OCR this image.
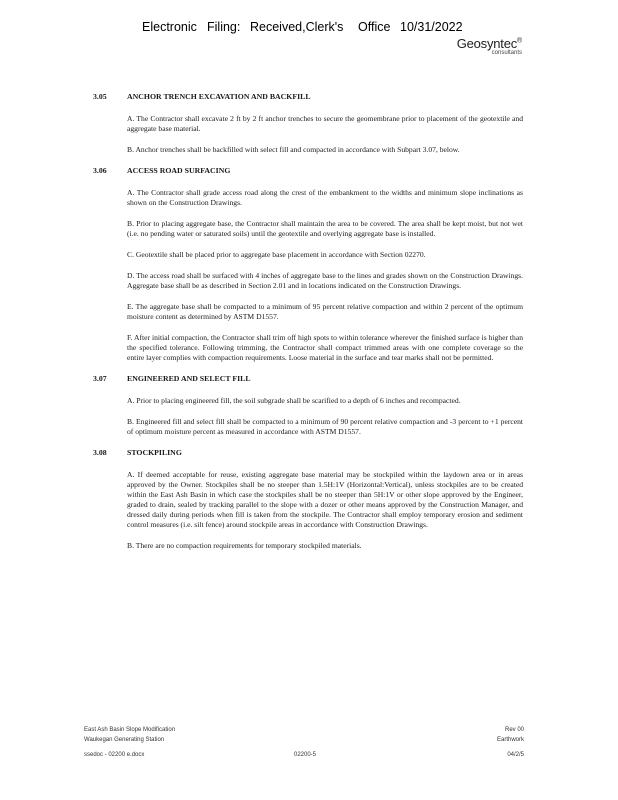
Electronic Filing: Received,Clerk's Office 10/31/2022
Geosyntec®
consultants
3.05	ANCHOR TRENCH EXCAVATION AND BACKFILL

A. The Contractor shall excavate 2 ft by 2 ft anchor trenches to secure the geomembrane prior to placement of the geotextile and aggregate base material.

B. Anchor trenches shall be backfilled with select fill and compacted in accordance with Subpart 3.07, below.

3.06	ACCESS ROAD SURFACING

A. The Contractor shall grade access road along the crest of the embankment to the widths and minimum slope inclinations as shown on the Construction Drawings.

B. Prior to placing aggregate base, the Contractor shall maintain the area to be covered. The area shall be kept moist, but not wet (i.e. no pending water or saturated soils) until the geotextile and overlying aggregate base is installed.

C. Geotextile shall be placed prior to aggregate base placement in accordance with Section 02270.

D. The access road shall be surfaced with 4 inches of aggregate base to the lines and grades shown on the Construction Drawings. Aggregate base shall be as described in Section 2.01 and in locations indicated on the Construction Drawings.

E. The aggregate base shall be compacted to a minimum of 95 percent relative compaction and within 2 percent of the optimum moisture content as determined by ASTM D1557.

F. After initial compaction, the Contractor shall trim off high spots to within tolerance wherever the finished surface is higher than the specified tolerance. Following trimming, the Contractor shall compact trimmed areas with one complete coverage so the entire layer complies with compaction requirements. Loose material in the surface and tear marks shall not be permitted.

3.07	ENGINEERED AND SELECT FILL

A. Prior to placing engineered fill, the soil subgrade shall be scarified to a depth of 6 inches and recompacted.

B. Engineered fill and select fill shall be compacted to a minimum of 90 percent relative compaction and -3 percent to +1 percent of optimum moisture percent as measured in accordance with ASTM D1557.

3.08	STOCKPILING

A. If deemed acceptable for reuse, existing aggregate base material may be stockpiled within the laydown area or in areas approved by the Owner. Stockpiles shall be no steeper than 1.5H:1V (Horizontal:Vertical), unless stockpiles are to be created within the East Ash Basin in which case the stockpiles shall be no steeper than 5H:1V or other slope approved by the Engineer, graded to drain, sealed by tracking parallel to the slope with a dozer or other means approved by the Construction Manager, and dressed daily during periods when fill is taken from the stockpile. The Contractor shall employ temporary erosion and sediment control measures (i.e. silt fence) around stockpile areas in accordance with Construction Drawings.

B. There are no compaction requirements for temporary stockpiled materials.

East Ash Basin Slope Modification	Rev 00
Waukegan Generating Station	Earthwork
ssedoc - 02200 e.docx	02200-5	04/2/5
